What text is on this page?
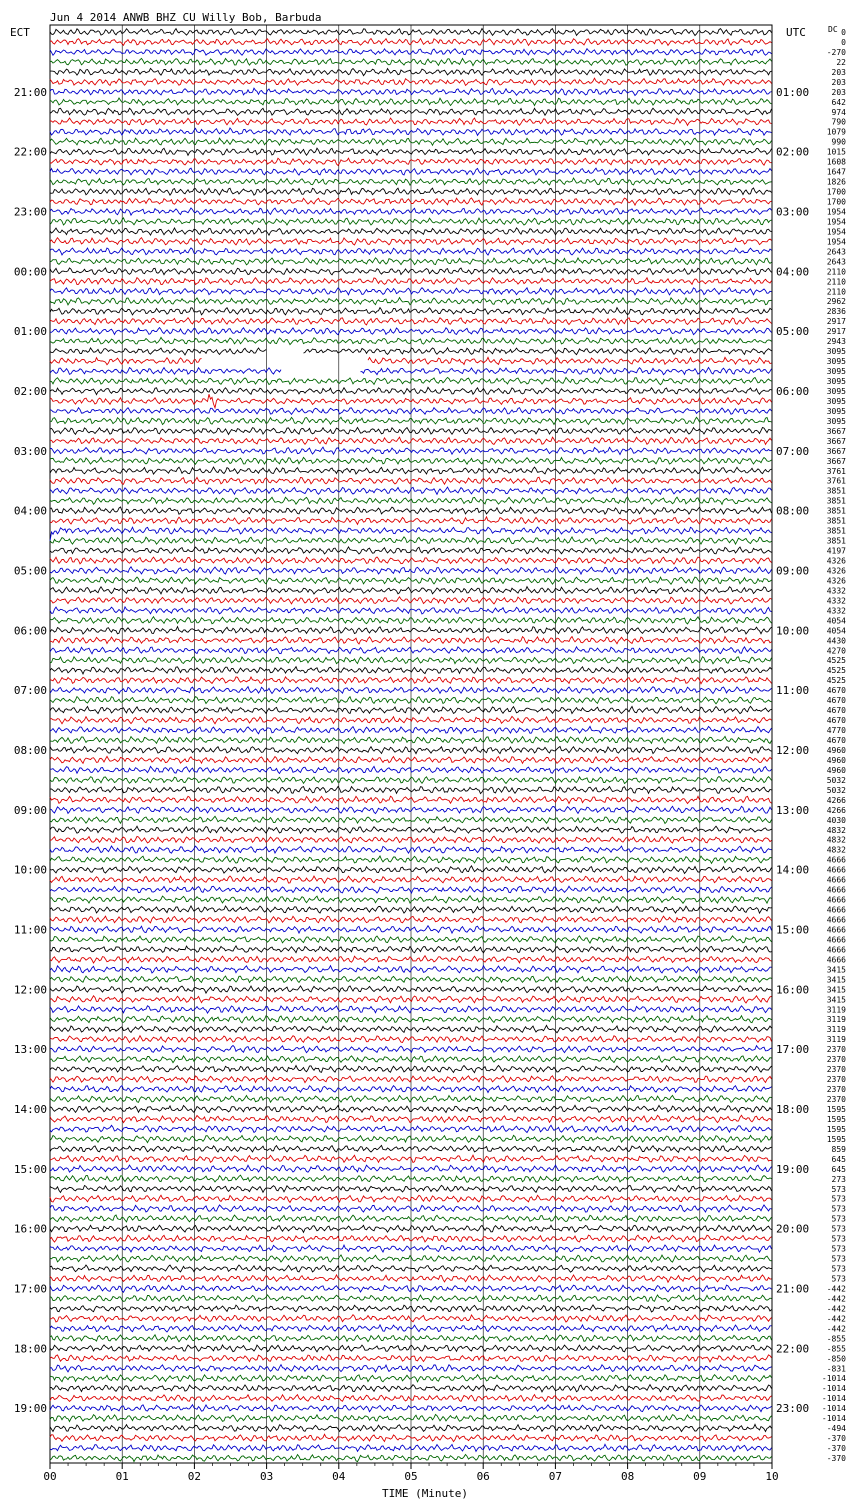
Jun 4 2014 ANWB BHZ CU Willy Bob, Barbuda
ECT	UTC	DC
00	01	02	03	04	05	06	07	08	09	10
0
0
-270
22
203
203
203
642
974
790
1079
990
1015
1608
1647
1826
1700
1700
1954
1954
1954
1954
2643
2643
2110
2110
2110
2962
2836
2917
2917
2943
3095
3095
3095
3095
3095
3095
3095
3095
3667
3667
3667
3667
3761
3761
3851
3851
3851
3851
3851
3851
4197
4326
4326
4326
4332
4332
4332
4054
4054
4430
4270
4525
4525
4525
4670
4670
4670
4670
4770
4670
4960
4960
4960
5032
5032
4266
4266
4030
4832
4832
4832
4666
4666
4666
4666
4666
4666
4666
4666
4666
4666
4666
3415
3415
3415
3415
3119
3119
3119
3119
2370
2370
2370
2370
2370
2370
1595
1595
1595
1595
859
645
645
273
573
573
573
573
573
573
573
573
573
573
-442
-442
-442
-442
-442
-855
-855
-850
-831
-1014
-1014
-1014
-1014
-1014
-494
-370
-370
-370
21:00	01:00
22:00	02:00
23:00	03:00
00:00	04:00
01:00	05:00
02:00	06:00
03:00	07:00
04:00	08:00
05:00	09:00
06:00	10:00
07:00	11:00
08:00	12:00
09:00	13:00
10:00	14:00
11:00	15:00
12:00	16:00
13:00	17:00
14:00	18:00
15:00	19:00
16:00	20:00
17:00	21:00
18:00	22:00
19:00	23:00
TIME (Minute)
